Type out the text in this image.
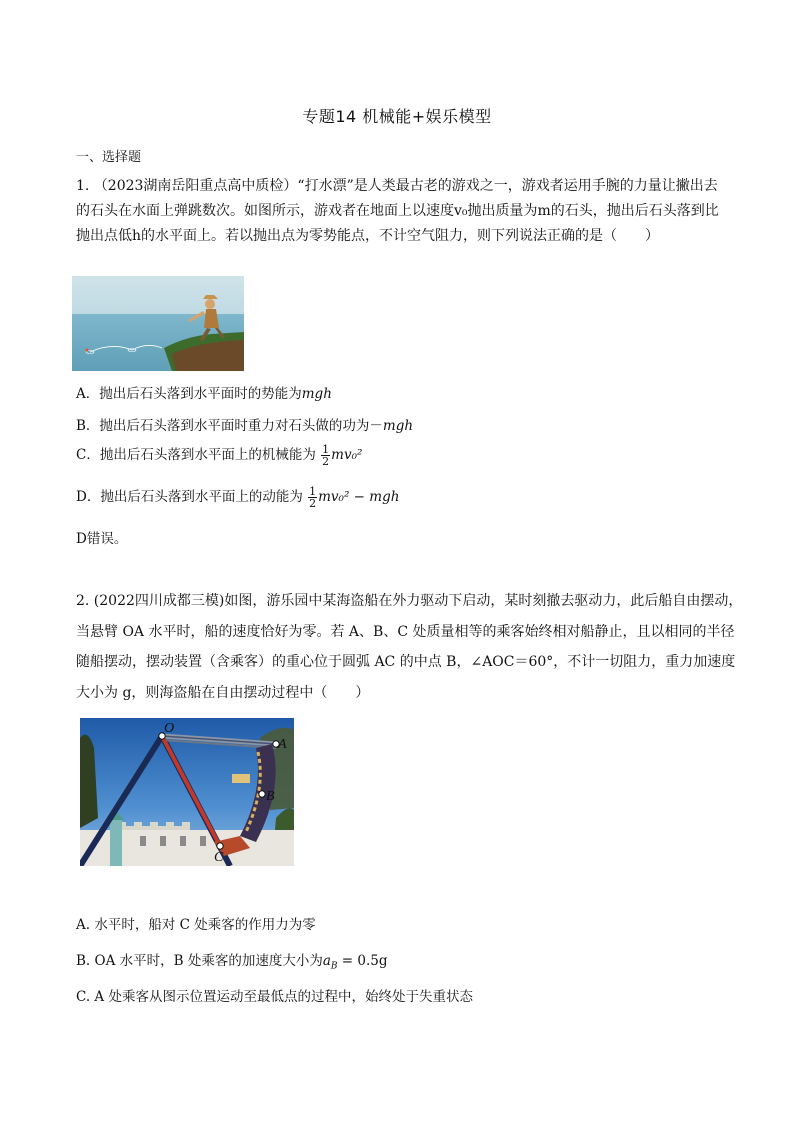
专题14 机械能+娱乐模型
一、选择题
1. （2023湖南岳阳重点高中质检）“打水漂”是人类最古老的游戏之一，游戏者运用手腕的力量让撇出去的石头在水面上弹跳数次。如图所示，游戏者在地面上以速度v₀抛出质量为m的石头，抛出后石头落到比抛出点低h的水平面上。若以抛出点为零势能点，不计空气阻力，则下列说法正确的是（　　）
A．抛出后石头落到水平面时的势能为mgh
B．抛出后石头落到水平面时重力对石头做的功为－mgh
C．抛出后石头落到水平面上的机械能为 $\frac{1}{2} mv_0^2$
D．抛出后石头落到水平面上的动能为 $\frac{1}{2} mv_0^2$ − mgh
D错误。
2. (2022四川成都三模)如图，游乐园中某海盗船在外力驱动下启动，某时刻撤去驱动力，此后船自由摆动，
当悬臂 OA 水平时，船的速度恰好为零。若 A、B、C 处质量相等的乘客始终相对船静止，且以相同的半径
随船摆动，摆动装置（含乘客）的重心位于圆弧 AC 的中点 B，∠AOC＝60°，不计一切阻力，重力加速度
大小为 g，则海盗船在自由摆动过程中（　　）
O
A
B
C
A. 水平时，船对 C 处乘客的作用力为零
B. OA 水平时，B 处乘客的加速度大小为$a_B = 0.5g$
C. A 处乘客从图示位置运动至最低点的过程中，始终处于失重状态
